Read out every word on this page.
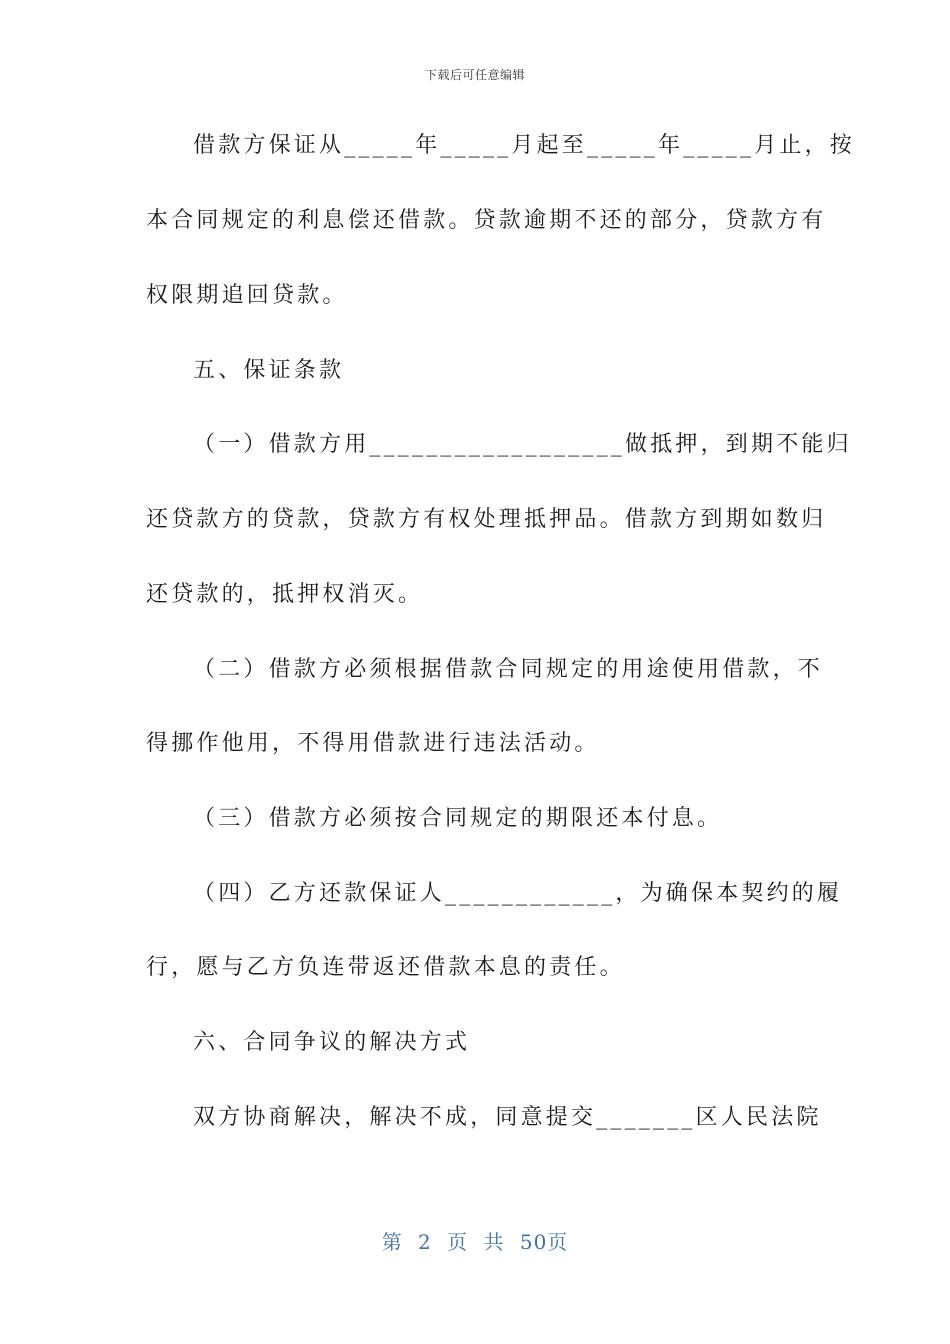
下载后可任意编辑
借款方保证从_____年_____月起至_____年_____月止，按
本合同规定的利息偿还借款。贷款逾期不还的部分，贷款方有
权限期追回贷款。
五、保证条款
（一）借款方用__________________做抵押，到期不能归
还贷款方的贷款，贷款方有权处理抵押品。借款方到期如数归
还贷款的，抵押权消灭。
（二）借款方必须根据借款合同规定的用途使用借款，不
得挪作他用，不得用借款进行违法活动。
（三）借款方必须按合同规定的期限还本付息。
（四）乙方还款保证人____________，为确保本契约的履
行，愿与乙方负连带返还借款本息的责任。
六、合同争议的解决方式
双方协商解决，解决不成，同意提交_______区人民法院
第 2 页 共 50页
